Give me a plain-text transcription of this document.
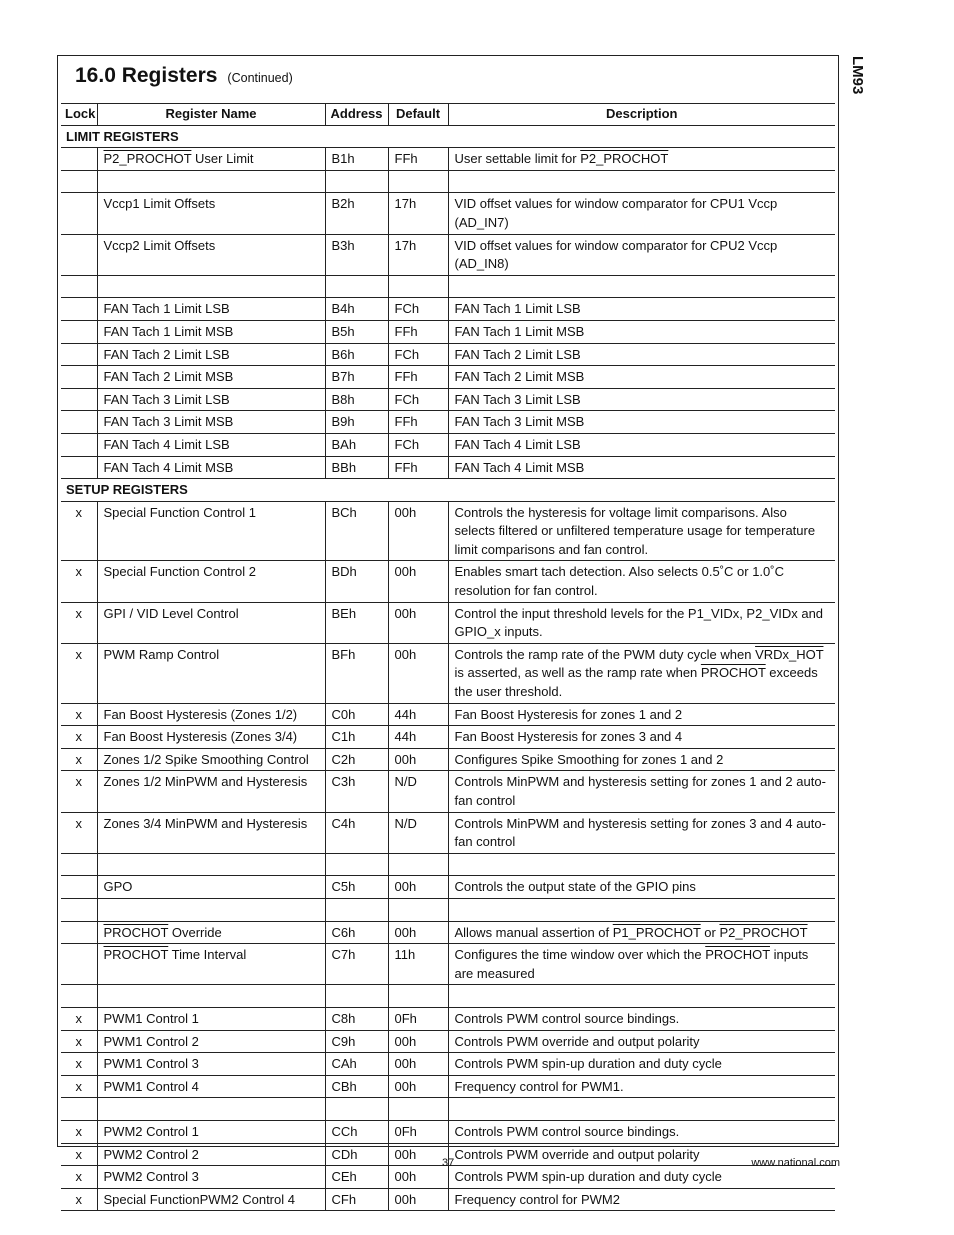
16.0 Registers (Continued)	LM93
Lock	Register Name	Address	Default	Description
LIMIT REGISTERS				
	P2_PROCHOT User Limit	B1h	FFh	User settable limit for P2_PROCHOT

	Vccp1 Limit Offsets	B2h	17h	VID offset values for window comparator for CPU1 Vccp (AD_IN7)
	Vccp2 Limit Offsets	B3h	17h	VID offset values for window comparator for CPU2 Vccp (AD_IN8)

	FAN Tach 1 Limit LSB	B4h	FCh	FAN Tach 1 Limit LSB
	FAN Tach 1 Limit MSB	B5h	FFh	FAN Tach 1 Limit MSB
	FAN Tach 2 Limit LSB	B6h	FCh	FAN Tach 2 Limit LSB
	FAN Tach 2 Limit MSB	B7h	FFh	FAN Tach 2 Limit MSB
	FAN Tach 3 Limit LSB	B8h	FCh	FAN Tach 3 Limit LSB
	FAN Tach 3 Limit MSB	B9h	FFh	FAN Tach 3 Limit MSB
	FAN Tach 4 Limit LSB	BAh	FCh	FAN Tach 4 Limit LSB
	FAN Tach 4 Limit MSB	BBh	FFh	FAN Tach 4 Limit MSB
SETUP REGISTERS				
x	Special Function Control 1	BCh	00h	Controls the hysteresis for voltage limit comparisons. Also selects filtered or unfiltered temperature usage for temperature limit comparisons and fan control.
x	Special Function Control 2	BDh	00h	Enables smart tach detection. Also selects 0.5˚C or 1.0˚C resolution for fan control.
x	GPI / VID Level Control	BEh	00h	Control the input threshold levels for the P1_VIDx, P2_VIDx and GPIO_x inputs.
x	PWM Ramp Control	BFh	00h	Controls the ramp rate of the PWM duty cycle when VRDx_HOT is asserted, as well as the ramp rate when PROCHOT exceeds the user threshold.
x	Fan Boost Hysteresis (Zones 1/2)	C0h	44h	Fan Boost Hysteresis for zones 1 and 2
x	Fan Boost Hysteresis (Zones 3/4)	C1h	44h	Fan Boost Hysteresis for zones 3 and 4
x	Zones 1/2 Spike Smoothing Control	C2h	00h	Configures Spike Smoothing for zones 1 and 2
x	Zones 1/2 MinPWM and Hysteresis	C3h	N/D	Controls MinPWM and hysteresis setting for zones 1 and 2 auto-fan control
x	Zones 3/4 MinPWM and Hysteresis	C4h	N/D	Controls MinPWM and hysteresis setting for zones 3 and 4 auto-fan control

	GPO	C5h	00h	Controls the output state of the GPIO pins

	PROCHOT Override	C6h	00h	Allows manual assertion of P1_PROCHOT or P2_PROCHOT
	PROCHOT Time Interval	C7h	11h	Configures the time window over which the PROCHOT inputs are measured

x	PWM1 Control 1	C8h	0Fh	Controls PWM control source bindings.
x	PWM1 Control 2	C9h	00h	Controls PWM override and output polarity
x	PWM1 Control 3	CAh	00h	Controls PWM spin-up duration and duty cycle
x	PWM1 Control 4	CBh	00h	Frequency control for PWM1.

x	PWM2 Control 1	CCh	0Fh	Controls PWM control source bindings.
x	PWM2 Control 2	CDh	00h	Controls PWM override and output polarity
x	PWM2 Control 3	CEh	00h	Controls PWM spin-up duration and duty cycle
x	Special FunctionPWM2 Control 4	CFh	00h	Frequency control for PWM2
37	www.national.com
